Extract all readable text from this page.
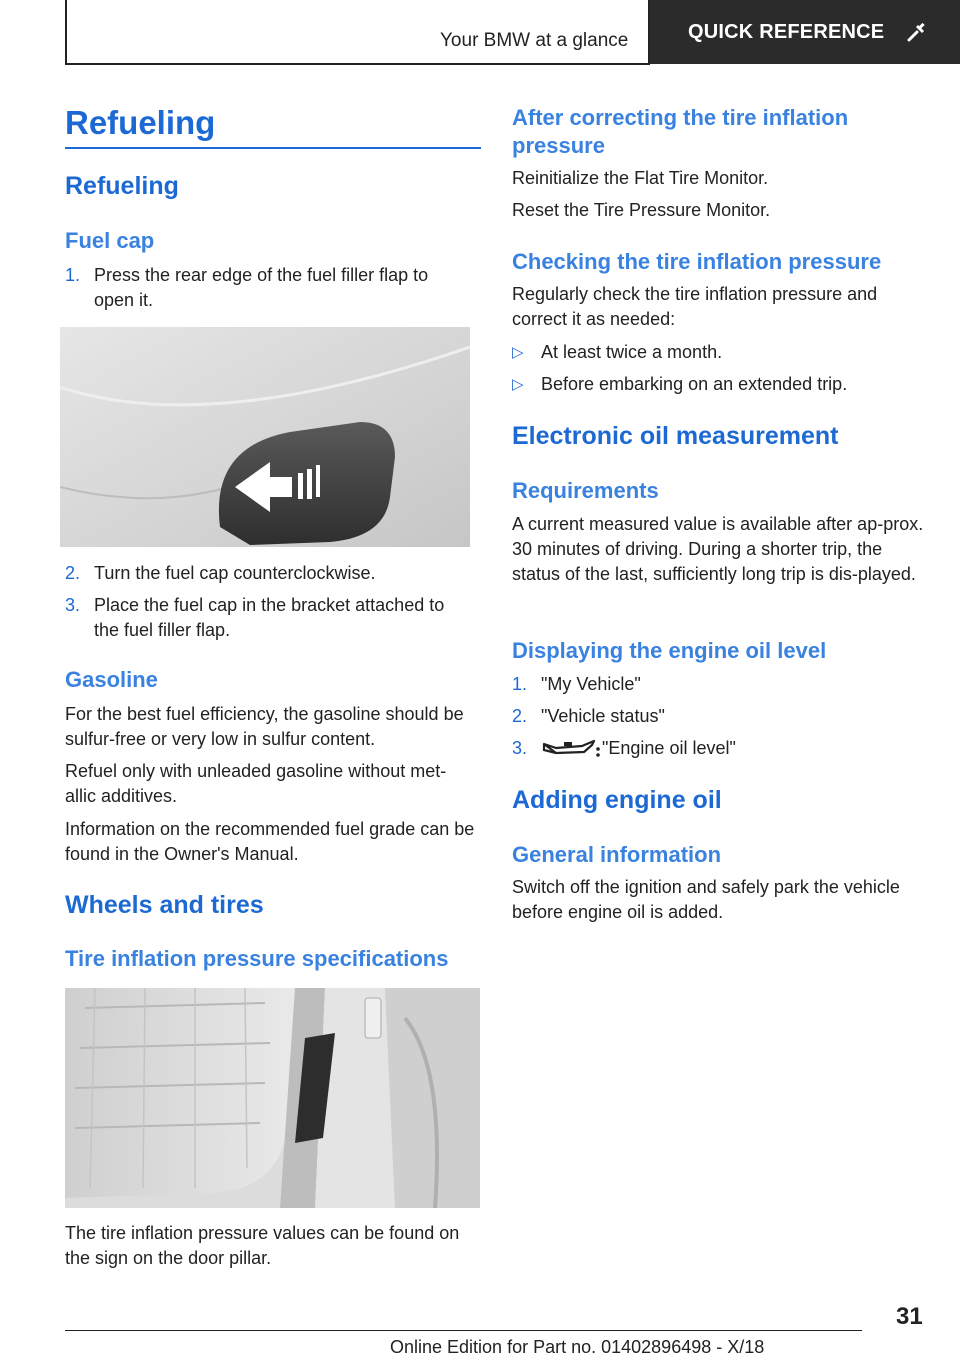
Your BMW at a glance	QUICK REFERENCE
Refueling
Refueling
Fuel cap
1. Press the rear edge of the fuel filler flap to open it.
2. Turn the fuel cap counterclockwise.
3. Place the fuel cap in the bracket attached to the fuel filler flap.
Gasoline

For the best fuel efficiency, the gasoline should be sulfur-free or very low in sulfur content.

Refuel only with unleaded gasoline without met‐allic additives.

Information on the recommended fuel grade can be found in the Owner's Manual.

Wheels and tires
Tire inflation pressure specifications

The tire inflation pressure values can be found on the sign on the door pillar.

After correcting the tire inflation pressure

Reinitialize the Flat Tire Monitor.

Reset the Tire Pressure Monitor.

Checking the tire inflation pressure

Regularly check the tire inflation pressure and correct it as needed:

▷ At least twice a month.
▷ Before embarking on an extended trip.
Electronic oil measurement
Requirements

A current measured value is available after ap‐prox. 30 minutes of driving. During a shorter trip, the status of the last, sufficiently long trip is dis‐played.

Displaying the engine oil level
1. "My Vehicle"
2. "Vehicle status"
3.	"Engine oil level"
Adding engine oil
General information

Switch off the ignition and safely park the vehicle before engine oil is added.

31
Online Edition for Part no. 01402896498 - X/18
